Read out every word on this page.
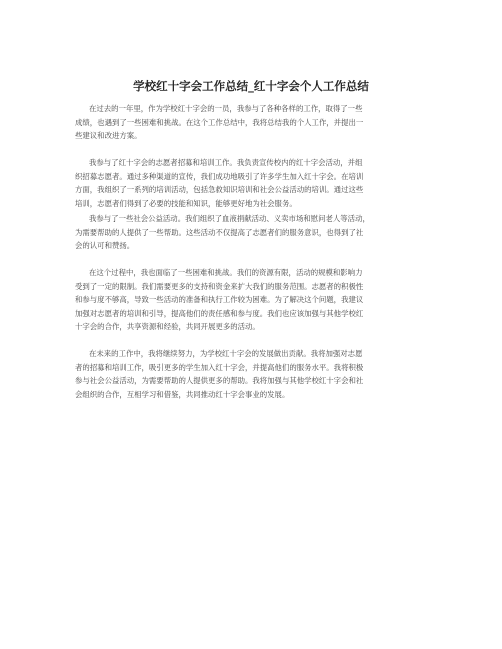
学校红十字会工作总结_红十字会个人工作总结
在过去的一年里，作为学校红十字会的一员，我参与了各种各样的工作，取得了一些
成绩，也遇到了一些困难和挑战。在这个工作总结中，我将总结我的个人工作，并提出一
些建议和改进方案。
我参与了红十字会的志愿者招募和培训工作。我负责宣传校内的红十字会活动，并组
织招募志愿者。通过多种渠道的宣传，我们成功地吸引了许多学生加入红十字会。在培训
方面，我组织了一系列的培训活动，包括急救知识培训和社会公益活动的培训。通过这些
培训，志愿者们得到了必要的技能和知识，能够更好地为社会服务。
我参与了一些社会公益活动。我们组织了血液捐献活动、义卖市场和慰问老人等活动，
为需要帮助的人提供了一些帮助。这些活动不仅提高了志愿者们的服务意识，也得到了社
会的认可和赞扬。
在这个过程中，我也面临了一些困难和挑战。我们的资源有限，活动的规模和影响力
受到了一定的限制。我们需要更多的支持和资金来扩大我们的服务范围。志愿者的积极性
和参与度不够高，导致一些活动的准备和执行工作较为困难。为了解决这个问题，我建议
加强对志愿者的培训和引导，提高他们的责任感和参与度。我们也应该加强与其他学校红
十字会的合作，共享资源和经验，共同开展更多的活动。
在未来的工作中，我将继续努力，为学校红十字会的发展做出贡献。我将加强对志愿
者的招募和培训工作，吸引更多的学生加入红十字会，并提高他们的服务水平。我将积极
参与社会公益活动，为需要帮助的人提供更多的帮助。我将加强与其他学校红十字会和社
会组织的合作，互相学习和借鉴，共同推动红十字会事业的发展。
